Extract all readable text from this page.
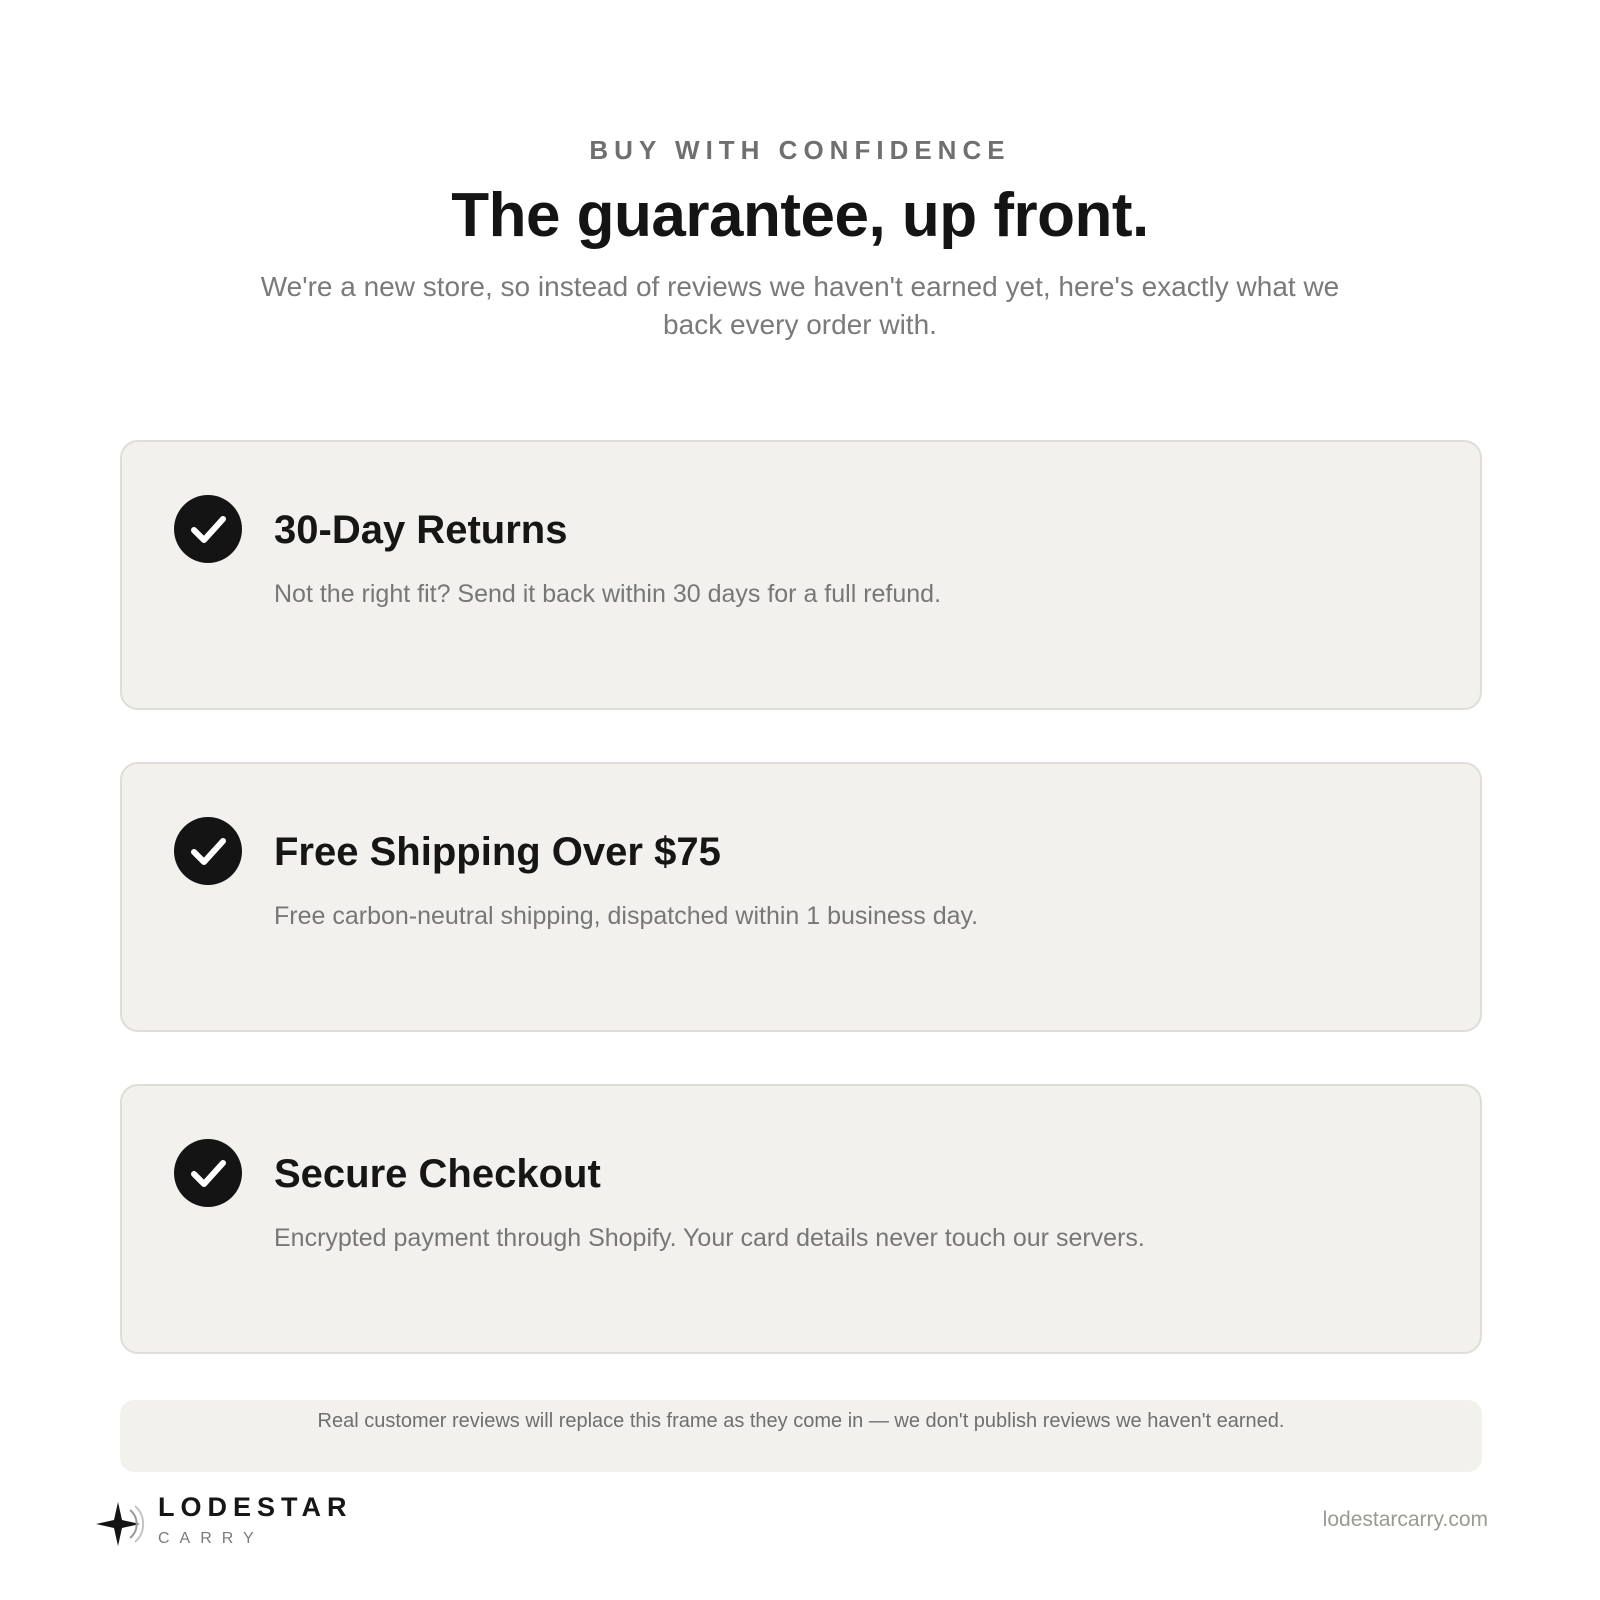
BUY WITH CONFIDENCE
The guarantee, up front.
We're a new store, so instead of reviews we haven't earned yet, here's exactly what we back every order with.
30-Day Returns
Not the right fit? Send it back within 30 days for a full refund.
Free Shipping Over $75
Free carbon-neutral shipping, dispatched within 1 business day.
Secure Checkout
Encrypted payment through Shopify. Your card details never touch our servers.
Real customer reviews will replace this frame as they come in — we don't publish reviews we haven't earned.
LODESTAR
CARRY
lodestarcarry.com
